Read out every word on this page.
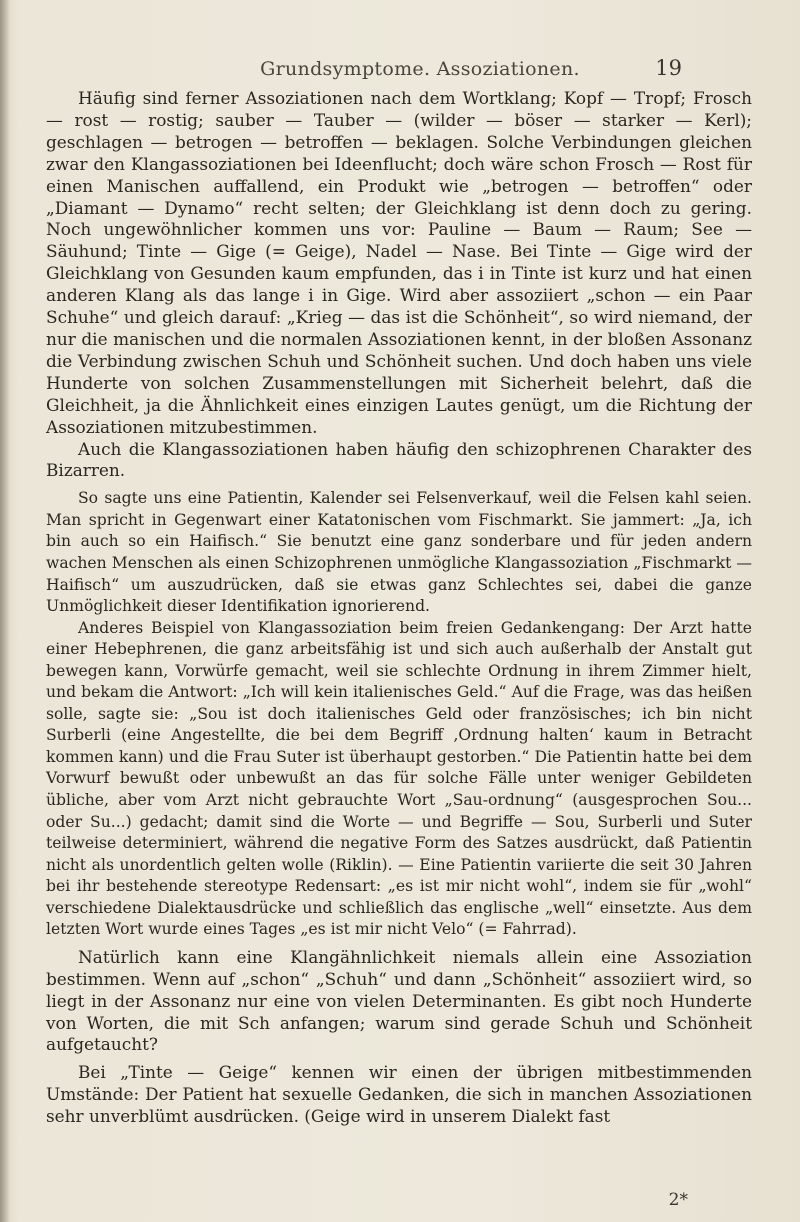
Grundsymptome. Assoziationen.	19

Häufig sind ferner Assoziationen nach dem Wortklang; Kopf — Tropf; Frosch — rost — rostig; sauber — Tauber — (wilder — böser — starker — Kerl); geschlagen — betrogen — betroffen — beklagen. Solche Verbindungen gleichen zwar den Klangassoziationen bei Ideenflucht; doch wäre schon Frosch — Rost für einen Manischen auffallend, ein Produkt wie „betrogen — betroffen“ oder „Diamant — Dynamo“ recht selten; der Gleichklang ist denn doch zu gering. Noch ungewöhnlicher kommen uns vor: Pauline — Baum — Raum; See — Säuhund; Tinte — Gige (= Geige), Nadel — Nase. Bei Tinte — Gige wird der Gleichklang von Gesunden kaum empfunden, das i in Tinte ist kurz und hat einen anderen Klang als das lange i in Gige. Wird aber assoziiert „schon — ein Paar Schuhe“ und gleich darauf: „Krieg — das ist die Schönheit“, so wird niemand, der nur die manischen und die normalen Assoziationen kennt, in der bloßen Assonanz die Verbindung zwischen Schuh und Schönheit suchen. Und doch haben uns viele Hunderte von solchen Zusammenstellungen mit Sicherheit belehrt, daß die Gleichheit, ja die Ähnlichkeit eines einzigen Lautes genügt, um die Richtung der Assoziationen mitzubestimmen.

Auch die Klangassoziationen haben häufig den schizophrenen Charakter des Bizarren.

So sagte uns eine Patientin, Kalender sei Felsenverkauf, weil die Felsen kahl seien. Man spricht in Gegenwart einer Katatonischen vom Fischmarkt. Sie jammert: „Ja, ich bin auch so ein Haifisch.“ Sie benutzt eine ganz sonderbare und für jeden andern wachen Menschen als einen Schizophrenen unmögliche Klangassoziation „Fischmarkt — Haifisch“ um auszudrücken, daß sie etwas ganz Schlechtes sei, dabei die ganze Unmöglichkeit dieser Identifikation ignorierend.

Anderes Beispiel von Klangassoziation beim freien Gedankengang: Der Arzt hatte einer Hebephrenen, die ganz arbeitsfähig ist und sich auch außerhalb der Anstalt gut bewegen kann, Vorwürfe gemacht, weil sie schlechte Ordnung in ihrem Zimmer hielt, und bekam die Antwort: „Ich will kein italienisches Geld.“ Auf die Frage, was das heißen solle, sagte sie: „Sou ist doch italienisches Geld oder französisches; ich bin nicht Surberli (eine Angestellte, die bei dem Begriff ‚Ordnung halten‘ kaum in Betracht kommen kann) und die Frau Suter ist überhaupt gestorben.“ Die Patientin hatte bei dem Vorwurf bewußt oder unbewußt an das für solche Fälle unter weniger Gebildeten übliche, aber vom Arzt nicht gebrauchte Wort „Sau-ordnung“ (ausgesprochen Sou... oder Su...) gedacht; damit sind die Worte — und Begriffe — Sou, Surberli und Suter teilweise determiniert, während die negative Form des Satzes ausdrückt, daß Patientin nicht als unordentlich gelten wolle (Riklin). — Eine Patientin variierte die seit 30 Jahren bei ihr bestehende stereotype Redensart: „es ist mir nicht wohl“, indem sie für „wohl“ verschiedene Dialektausdrücke und schließlich das englische „well“ einsetzte. Aus dem letzten Wort wurde eines Tages „es ist mir nicht Velo“ (= Fahrrad).

Natürlich kann eine Klangähnlichkeit niemals allein eine Assoziation bestimmen. Wenn auf „schon“ „Schuh“ und dann „Schönheit“ assoziiert wird, so liegt in der Assonanz nur eine von vielen Determinanten. Es gibt noch Hunderte von Worten, die mit Sch anfangen; warum sind gerade Schuh und Schönheit aufgetaucht?

Bei „Tinte — Geige“ kennen wir einen der übrigen mitbestimmenden Umstände: Der Patient hat sexuelle Gedanken, die sich in manchen Assoziationen sehr unverblümt ausdrücken. (Geige wird in unserem Dialekt fast

2*
